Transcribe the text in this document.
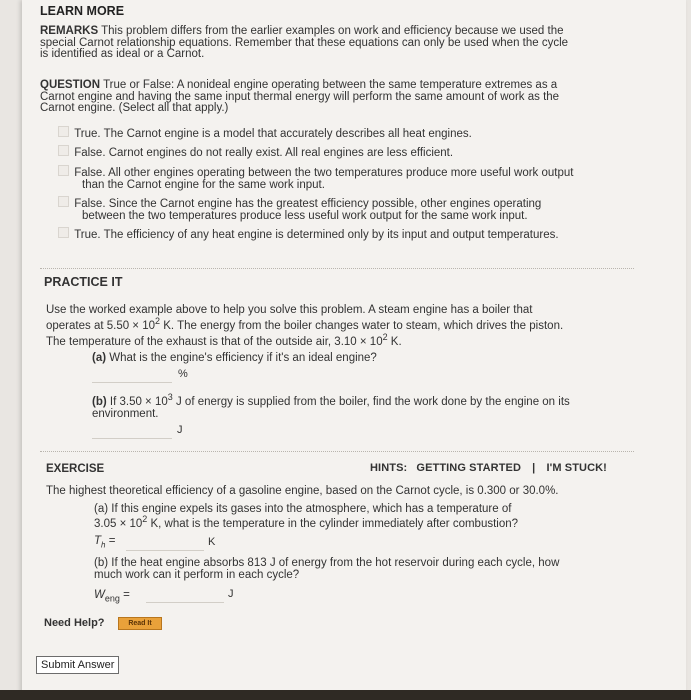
LEARN MORE
REMARKS This problem differs from the earlier examples on work and efficiency because we used the
special Carnot relationship equations. Remember that these equations can only be used when the cycle
is identified as ideal or a Carnot.
QUESTION True or False: A nonideal engine operating between the same temperature extremes as a
Carnot engine and having the same input thermal energy will perform the same amount of work as the
Carnot engine. (Select all that apply.)
True. The Carnot engine is a model that accurately describes all heat engines.
False. Carnot engines do not really exist. All real engines are less efficient.
False. All other engines operating between the two temperatures produce more useful work output
than the Carnot engine for the same work input.
False. Since the Carnot engine has the greatest efficiency possible, other engines operating
between the two temperatures produce less useful work output for the same work input.
True. The efficiency of any heat engine is determined only by its input and output temperatures.
PRACTICE IT
Use the worked example above to help you solve this problem. A steam engine has a boiler that
operates at $5.50 \times 10^2$ K. The energy from the boiler changes water to steam, which drives the piston.
The temperature of the exhaust is that of the outside air, $3.10 \times 10^2$ K.
(a) What is the engine's efficiency if it's an ideal engine?
%
(b) If $3.50 \times 10^3$ J of energy is supplied from the boiler, find the work done by the engine on its
environment.
J
EXERCISE	HINTS: GETTING STARTED | I'M STUCK!
The highest theoretical efficiency of a gasoline engine, based on the Carnot cycle, is 0.300 or 30.0%.
(a) If this engine expels its gases into the atmosphere, which has a temperature of
$3.05 \times 10^2$ K, what is the temperature in the cylinder immediately after combustion?
$T_h$ =	K
(b) If the heat engine absorbs 813 J of energy from the hot reservoir during each cycle, how
much work can it perform in each cycle?
$W_{eng}$ =	J
Need Help?	Read It
Submit Answer
